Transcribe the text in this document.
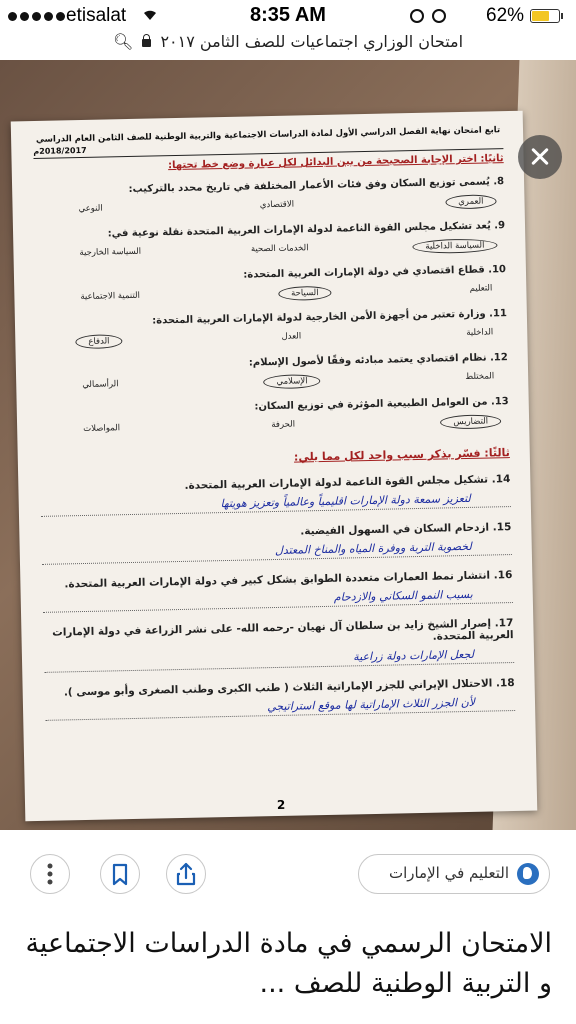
etisalat	8:35 AM	62%
امتحان الوزاري اجتماعيات للصف الثامن ٢٠١٧  🔍︎
تابع امتحان نهاية الفصل الدراسي الأول لمادة الدراسات الاجتماعية والتربية الوطنية للصف الثامن العام الدراسي
2018/2017م
ثانيًا: اختر الإجابة الصحيحة من بين البدائل لكل عبارة وضع خط تحتها:
8. يُسمى توزيع السكان وفق فئات الأعمار المختلفة في تاريخ محدد بالتركيب:
العمري
الاقتصادي
النوعي
9. يُعد تشكيل مجلس القوة الناعمة لدولة الإمارات العربية المتحدة نقلة نوعية في:
السياسة الداخلية
الخدمات الصحية
السياسة الخارجية
10. قطاع اقتصادي في دولة الإمارات العربية المتحدة:
التعليم
السياحة
التنمية الاجتماعية
11. وزارة تعتبر من أجهزة الأمن الخارجية لدولة الإمارات العربية المتحدة:
الداخلية
العدل
الدفاع
12. نظام اقتصادي يعتمد مبادئه وفقًا لأصول الإسلام:
المختلط
الإسلامي
الرأسمالي
13. من العوامل الطبيعية المؤثرة في توزيع السكان:
التضاريس
الحرفة
المواصلات
ثالثًا: فسّر بذكر سبب واحد لكل مما يلي:
14. تشكيل مجلس القوة الناعمة لدولة الإمارات العربية المتحدة.
لتعزيز سمعة دولة الإمارات اقليمياً وعالمياً وتعزيز هويتها
15. ازدحام السكان في السهول الفيضية.
لخصوبة التربة ووفرة المياه والمناخ المعتدل
16. انتشار نمط العمارات متعددة الطوابق بشكل كبير في دولة الإمارات العربية المتحدة.
بسبب النمو السكاني والازدحام
17. إصرار الشيخ زايد بن سلطان آل نهيان -رحمه الله- على نشر الزراعة في دولة الإمارات العربية المتحدة.
لجعل الإمارات دولة زراعية
18. الاحتلال الإيراني للجزر الإماراتية الثلاث ( طنب الكبرى وطنب الصغرى وأبو موسى ).
لأن الجزر الثلاث الإماراتية لها موقع استراتيجي
2
التعليم في الإمارات
الامتحان الرسمي في مادة الدراسات الاجتماعية و التربية الوطنية للصف ...
